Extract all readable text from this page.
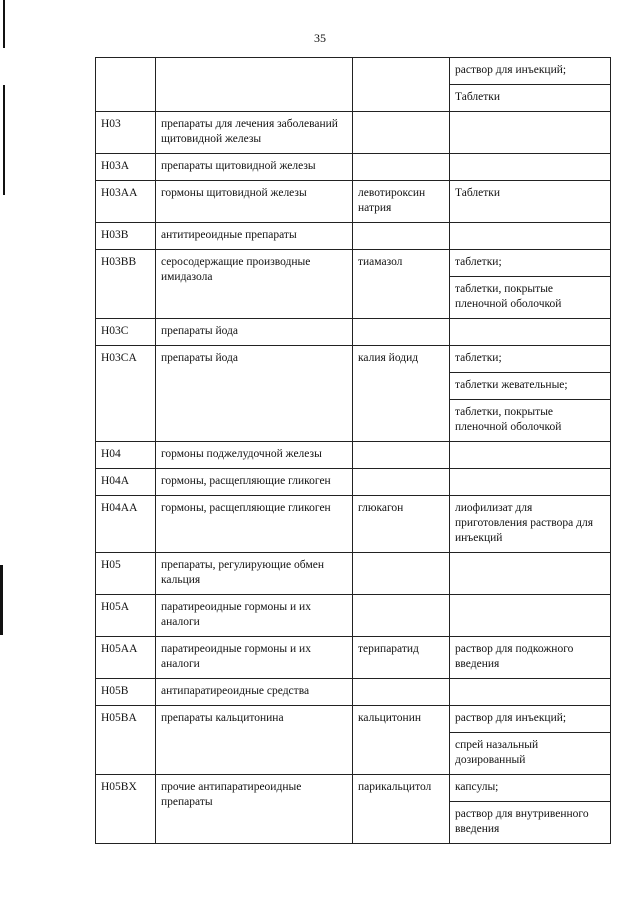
35
			раствор для инъекций;
			Таблетки
H03	препараты для лечения заболеваний щитовидной железы		
H03A	препараты щитовидной железы		
H03AA	гормоны щитовидной железы	левотироксин натрия	Таблетки
H03B	антитиреоидные препараты		
H03BB	серосодержащие производные имидазола	тиамазол	таблетки;
			таблетки, покрытые пленочной оболочкой
H03C	препараты йода		
H03CA	препараты йода	калия йодид	таблетки;
			таблетки жевательные;
			таблетки, покрытые пленочной оболочкой
H04	гормоны поджелудочной железы		
H04A	гормоны, расщепляющие гликоген		
H04AA	гормоны, расщепляющие гликоген	глюкагон	лиофилизат для приготовления раствора для инъекций
H05	препараты, регулирующие обмен кальция		
H05A	паратиреоидные гормоны и их аналоги		
H05AA	паратиреоидные гормоны и их аналоги	терипаратид	раствор для подкожного введения
H05B	антипаратиреоидные средства		
H05BA	препараты кальцитонина	кальцитонин	раствор для инъекций;
			спрей назальный дозированный
H05BX	прочие антипаратиреоидные препараты	парикальцитол	капсулы;
			раствор для внутривенного введения
